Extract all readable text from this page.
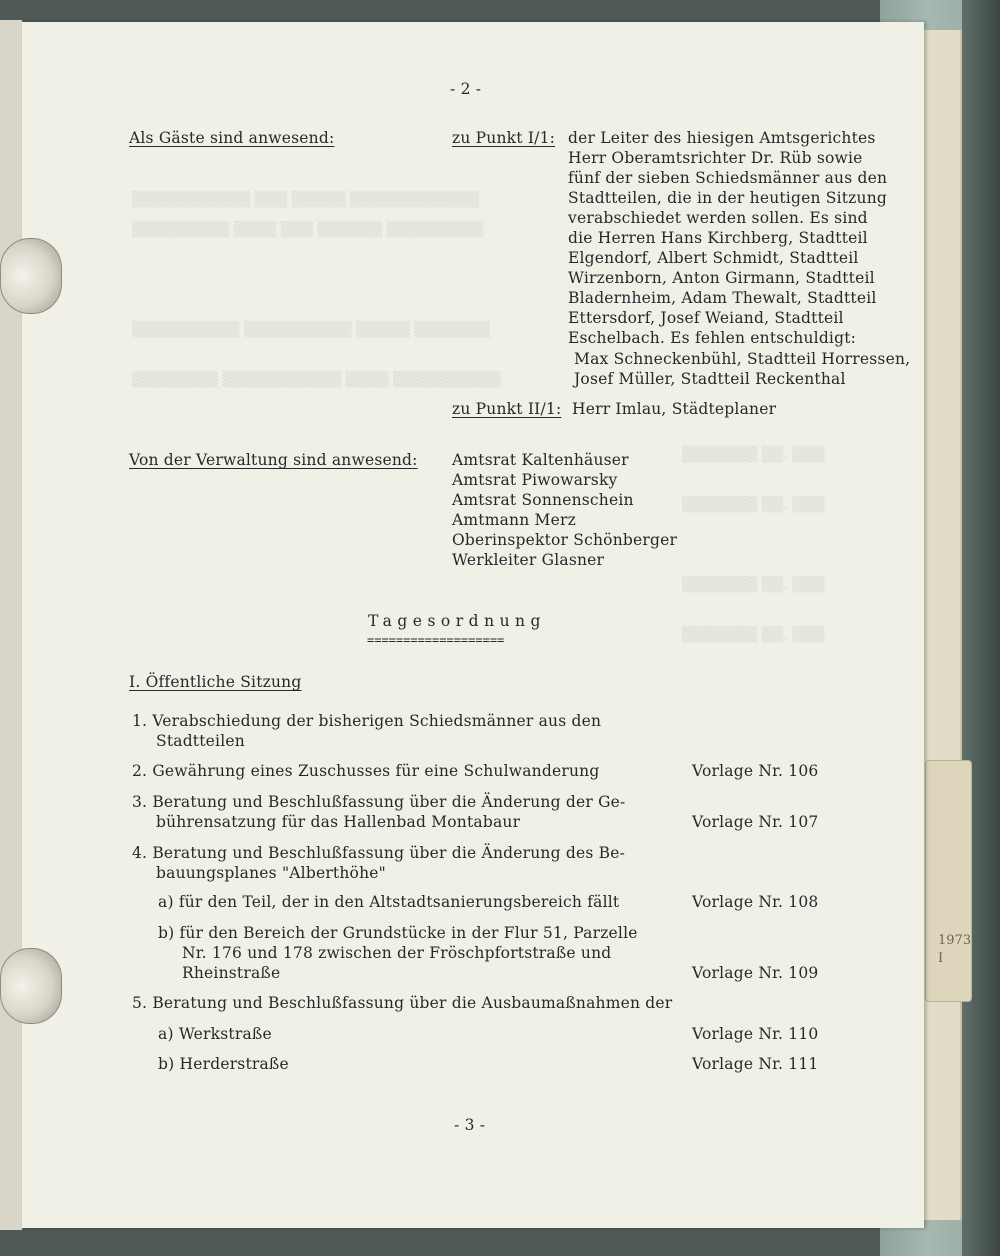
1973
I
▒▒▒▒▒▒▒▒▒▒▒ ▒▒▒ ▒▒▒▒▒ ▒▒▒▒▒▒▒▒▒▒▒▒
▒▒▒▒▒▒▒▒▒ ▒▒▒▒ ▒▒▒ ▒▒▒▒▒▒ ▒▒▒▒▒▒▒▒▒
▒▒▒▒▒▒▒▒▒▒ ▒▒▒▒▒▒▒▒▒▒ ▒▒▒▒▒ ▒▒▒▒▒▒▒
▒▒▒▒▒▒▒▒ ▒▒▒▒▒▒▒▒▒▒▒ ▒▒▒▒ ▒▒▒▒▒▒▒▒▒▒
▒▒▒▒▒▒▒ ▒▒. ▒▒▒
▒▒▒▒▒▒▒ ▒▒. ▒▒▒
▒▒▒▒▒▒▒ ▒▒. ▒▒▒
▒▒▒▒▒▒▒ ▒▒. ▒▒▒
- 2 -
Als Gäste sind anwesend:	zu Punkt I/1: der Leiter des hiesigen Amtsgerichtes
Herr Oberamtsrichter Dr. Rüb sowie
fünf der sieben Schiedsmänner aus den
Stadtteilen, die in der heutigen Sitzung
verabschiedet werden sollen. Es sind
die Herren Hans Kirchberg, Stadtteil
Elgendorf, Albert Schmidt, Stadtteil
Wirzenborn, Anton Girmann, Stadtteil
Bladernheim, Adam Thewalt, Stadtteil
Ettersdorf, Josef Weiand, Stadtteil
Eschelbach. Es fehlen entschuldigt:
Max Schneckenbühl, Stadtteil Horressen,
Josef Müller, Stadtteil Reckenthal
zu Punkt II/1: Herr Imlau, Städteplaner
Von der Verwaltung sind anwesend: Amtsrat Kaltenhäuser
Amtsrat Piwowarsky
Amtsrat Sonnenschein
Amtmann Merz
Oberinspektor Schönberger
Werkleiter Glasner
Tagesordnung
===================
I. Öffentliche Sitzung
1. Verabschiedung der bisherigen Schiedsmänner aus den
Stadtteilen
2. Gewährung eines Zuschusses für eine Schulwanderung	Vorlage Nr. 106
3. Beratung und Beschlußfassung über die Änderung der Ge-
bührensatzung für das Hallenbad Montabaur	Vorlage Nr. 107
4. Beratung und Beschlußfassung über die Änderung des Be-
bauungsplanes "Alberthöhe"
a) für den Teil, der in den Altstadtsanierungsbereich fällt	Vorlage Nr. 108
b) für den Bereich der Grundstücke in der Flur 51, Parzelle
Nr. 176 und 178 zwischen der Fröschpfortstraße und
Rheinstraße	Vorlage Nr. 109
5. Beratung und Beschlußfassung über die Ausbaumaßnahmen der
a) Werkstraße	Vorlage Nr. 110
b) Herderstraße	Vorlage Nr. 111
- 3 -
